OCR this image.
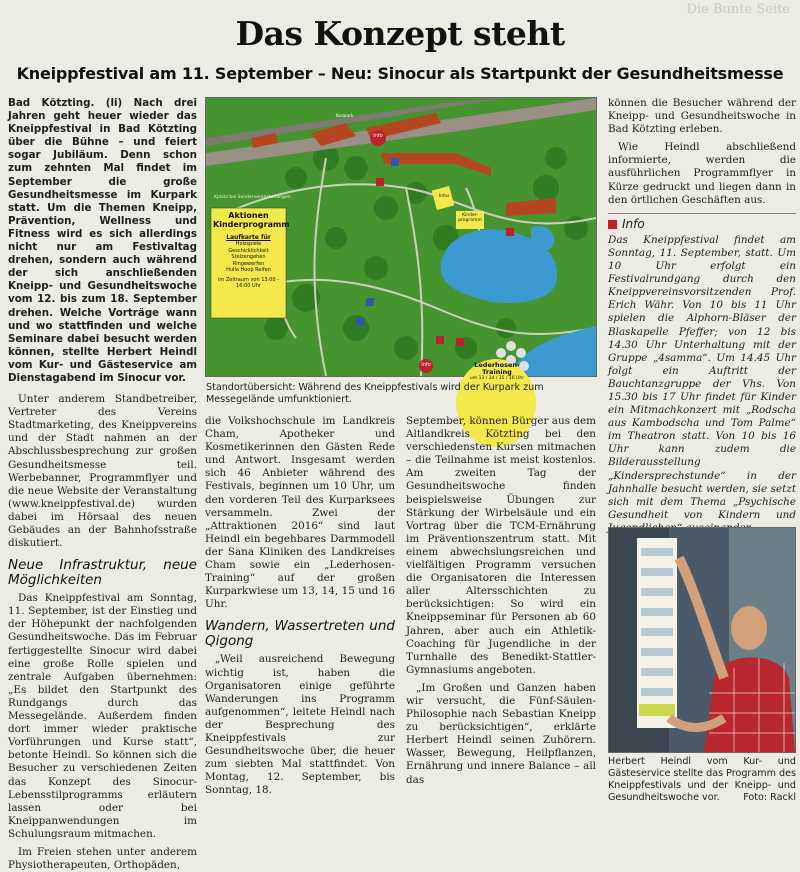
Die Bunte Seite
Das Konzept steht
Kneippfestival am 11. September – Neu: Sinocur als Startpunkt der Gesundheitsmesse

Bad Kötzting. (li) Nach drei Jahren geht heuer wieder das Kneippfestival in Bad Kötzting über die Bühne – und feiert sogar Jubiläum. Denn schon zum zehnten Mal findet im September die große Gesundheitsmesse im Kurpark statt. Um die Themen Kneipp, Prävention, Wellness und Fitness wird es sich allerdings nicht nur am Festivaltag drehen, sondern auch während der sich anschließenden Kneipp- und Gesundheitswoche vom 12. bis zum 18. September drehen. Welche Vorträge wann und wo stattfinden und welche Seminare dabei besucht werden können, stellte Herbert Heindl vom Kur- und Gästeservice am Dienstagabend im Sinocur vor.

Unter anderem Standbetreiber, Vertreter des Vereins Stadtmarketing, des Kneippvereins und der Stadt nahmen an der Abschlussbesprechung zur großen Gesundheitsmesse teil. Werbebanner, Programmflyer und die neue Website der Veranstaltung (www.kneippfestival.de) wurden dabei im Hörsaal des neuen Gebäudes an der Bahnhofsstraße diskutiert.

Neue Infrastruktur, neue Möglichkeiten

Das Kneippfestival am Sonntag, 11. September, ist der Einstieg und der Höhepunkt der nachfolgenden Gesundheitswoche. Das im Februar fertiggestellte Sinocur wird dabei eine große Rolle spielen und zentrale Aufgaben übernehmen: „Es bildet den Startpunkt des Rundgangs durch das Messegelände. Außerdem finden dort immer wieder praktische Vorführungen und Kurse statt“, betonte Heindl. So können sich die Besucher zu verschiedenen Zeiten das Konzept des Sinocur-Lebensstilprogramms erläutern lassen oder bei Kneippanwendungen im Schulungsraum mitmachen.

Im Freien stehen unter anderem Physiotherapeuten, Orthopäden,

Aktionen Kinderprogramm
Laufkarte für
Holzspiele
Geschicklichkeit
Stelzengehen
Ringewerfen
Hulla Hoop Reifen
im Zeitraum von 13:00 - 16:00 Uhr
Info
Info	Lederhosen-Training
um 13 / 14 / 15 / 16 Uhr
Kinder-programm
Infos
Kurpark
Kplatz bei Sonderveranstaltungen
Standortübersicht: Während des Kneippfestivals wird der Kurpark zum Messegelände umfunktioniert.

die Volkshochschule im Landkreis Cham, Apotheker und Kosmetikerinnen den Gästen Rede und Antwort. Insgesamt werden sich 46 Anbieter während des Festivals, beginnen um 10 Uhr, um den vorderen Teil des Kurparksees versammeln. Zwei der „Attraktionen 2016“ sind laut Heindl ein begehbares Darmmodell der Sana Kliniken des Landkreises Cham sowie ein „Lederhosen-Training“ auf der großen Kurparkwiese um 13, 14, 15 und 16 Uhr.

Wandern, Wassertreten und Qigong

„Weil ausreichend Bewegung wichtig ist, haben die Organisatoren einige geführte Wanderungen ins Programm aufgenommen“, leitete Heindl nach der Besprechung des Kneippfestivals zur Gesundheitswoche über, die heuer zum siebten Mal stattfindet. Von Montag, 12. September, bis Sonntag, 18.

September, können Bürger aus dem Altlandkreis Kötzting bei den verschiedensten Kursen mitmachen – die Teilnahme ist meist kostenlos. Am zweiten Tag der Gesundheitswoche finden beispielsweise Übungen zur Stärkung der Wirbelsäule und ein Vortrag über die TCM-Ernährung im Präventionszentrum statt. Mit einem abwechslungsreichen und vielfältigen Programm versuchen die Organisatoren die Interessen aller Altersschichten zu berücksichtigen: So wird ein Kneippseminar für Personen ab 60 Jahren, aber auch ein Athletik-Coaching für Jugendliche in der Turnhalle des Benedikt-Stattler-Gymnasiums angeboten.

„Im Großen und Ganzen haben wir versucht, die Fünf-Säulen-Philosophie nach Sebastian Kneipp zu berücksichtigen“, erklärte Herbert Heindl seinen Zuhörern. Wasser, Bewegung, Heilpflanzen, Ernährung und innere Balance – all das

können die Besucher während der Kneipp- und Gesundheitswoche in Bad Kötzting erleben.

Wie Heindl abschließend informierte, werden die ausführlichen Programmflyer in Kürze gedruckt und liegen dann in den örtlichen Geschäften aus.

Info

Das Kneippfestival findet am Sonntag, 11. September, statt. Um 10 Uhr erfolgt ein Festivalrundgang durch den Kneippvereinsvorsitzenden Prof. Erich Währ. Von 10 bis 11 Uhr spielen die Alphorn-Bläser der Blaskapelle Pfeffer; von 12 bis 14.30 Uhr Unterhaltung mit der Gruppe „4samma“. Um 14.45 Uhr folgt ein Auftritt der Bauchtanzgruppe der Vhs. Von 15.30 bis 17 Uhr findet für Kinder ein Mitmachkonzert mit „Rodscha aus Kambodscha und Tom Palme“ im Theatron statt. Von 10 bis 16 Uhr kann zudem die Bilderausstellung „Kindersprechstunde“ in der Jahnhalle besucht werden, sie setzt sich mit dem Thema „Psychische Gesundheit von Kindern und

Herbert Heindl vom Kur- und Gästeservice stellte das Programm des Kneippfestivals und der Kneipp- und Gesundheitswoche vor. Foto: Rackl
